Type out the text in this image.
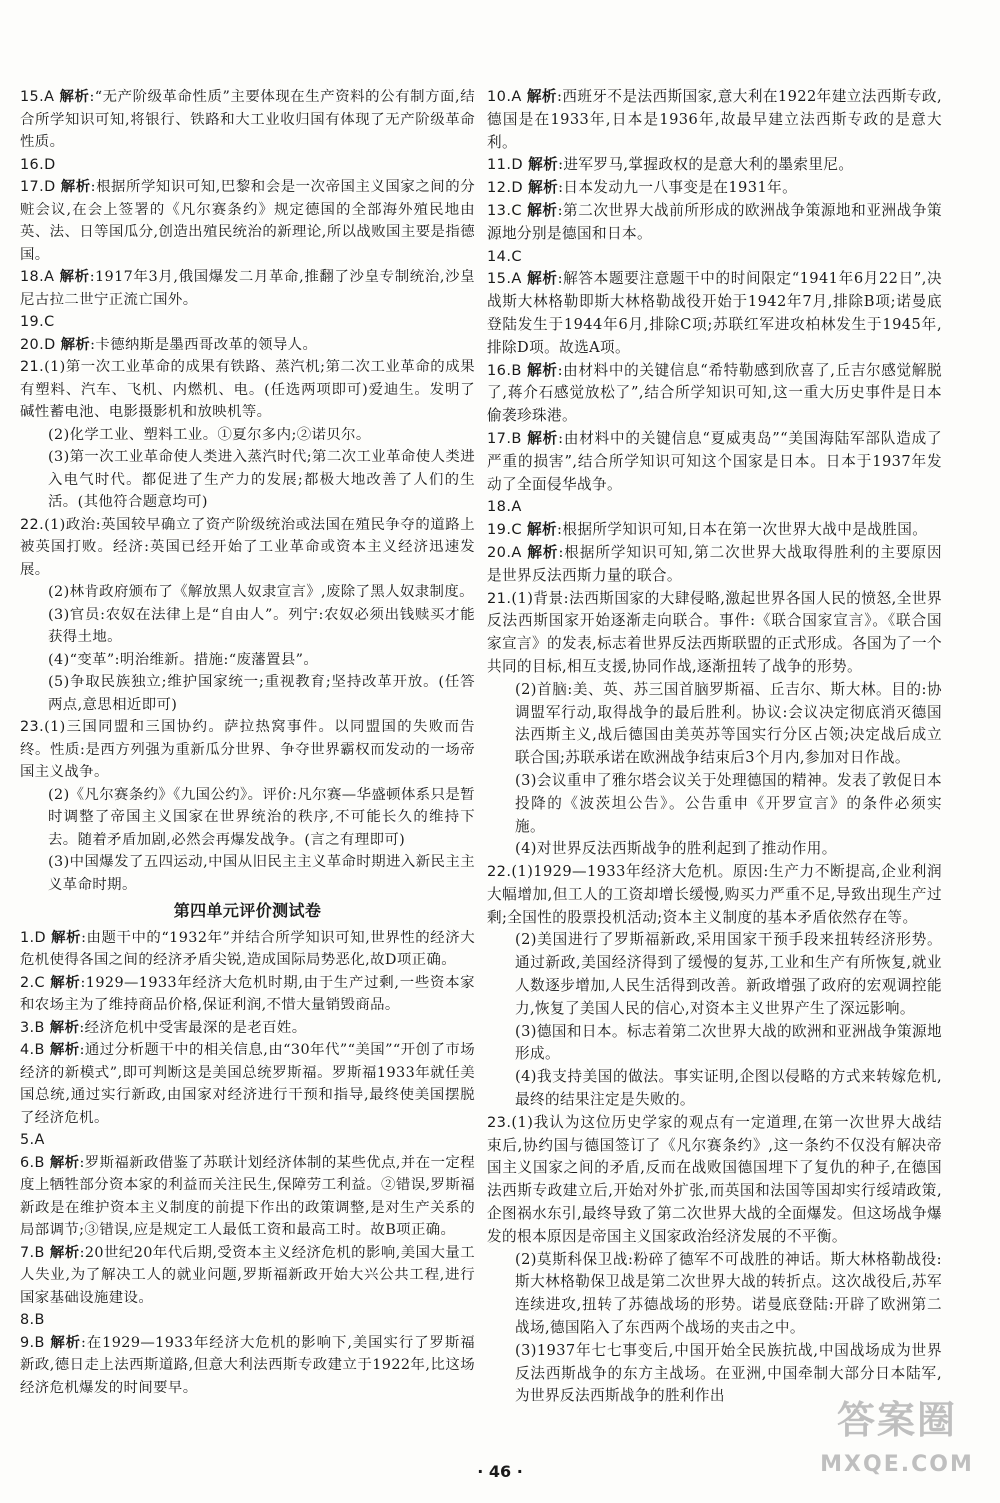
15.A 解析:“无产阶级革命性质”主要体现在生产资料的公有制方面,结合所学知识可知,将银行、铁路和大工业收归国有体现了无产阶级革命性质。

16.D

17.D 解析:根据所学知识可知,巴黎和会是一次帝国主义国家之间的分赃会议,在会上签署的《凡尔赛条约》规定德国的全部海外殖民地由英、法、日等国瓜分,创造出殖民统治的新理论,所以战败国主要是指德国。

18.A 解析:1917年3月,俄国爆发二月革命,推翻了沙皇专制统治,沙皇尼古拉二世宁正流亡国外。

19.C

20.D 解析:卡德纳斯是墨西哥改革的领导人。

21.(1)第一次工业革命的成果有铁路、蒸汽机;第二次工业革命的成果有塑料、汽车、飞机、内燃机、电。(任选两项即可)爱迪生。发明了碱性蓄电池、电影摄影机和放映机等。

(2)化学工业、塑料工业。①夏尔多内;②诺贝尔。

(3)第一次工业革命使人类进入蒸汽时代;第二次工业革命使人类进入电气时代。都促进了生产力的发展;都极大地改善了人们的生活。(其他符合题意均可)

22.(1)政治:英国较早确立了资产阶级统治或法国在殖民争夺的道路上被英国打败。经济:英国已经开始了工业革命或资本主义经济迅速发展。

(2)林肯政府颁布了《解放黑人奴隶宣言》,废除了黑人奴隶制度。

(3)官员:农奴在法律上是“自由人”。列宁:农奴必须出钱赎买才能获得土地。

(4)“变革”:明治维新。措施:“废藩置县”。

(5)争取民族独立;维护国家统一;重视教育;坚持改革开放。(任答两点,意思相近即可)

23.(1)三国同盟和三国协约。萨拉热窝事件。以同盟国的失败而告终。性质:是西方列强为重新瓜分世界、争夺世界霸权而发动的一场帝国主义战争。

(2)《凡尔赛条约》《九国公约》。评价:凡尔赛—华盛顿体系只是暂时调整了帝国主义国家在世界统治的秩序,不可能长久的维持下去。随着矛盾加剧,必然会再爆发战争。(言之有理即可)

(3)中国爆发了五四运动,中国从旧民主主义革命时期进入新民主主义革命时期。

第四单元评价测试卷

1.D 解析:由题干中的“1932年”并结合所学知识可知,世界性的经济大危机使得各国之间的经济矛盾尖锐,造成国际局势恶化,故D项正确。

2.C 解析:1929—1933年经济大危机时期,由于生产过剩,一些资本家和农场主为了维持商品价格,保证利润,不惜大量销毁商品。

3.B 解析:经济危机中受害最深的是老百姓。

4.B 解析:通过分析题干中的相关信息,由“30年代”“美国”“开创了市场经济的新模式”,即可判断这是美国总统罗斯福。罗斯福1933年就任美国总统,通过实行新政,由国家对经济进行干预和指导,最终使美国摆脱了经济危机。

5.A

6.B 解析:罗斯福新政借鉴了苏联计划经济体制的某些优点,并在一定程度上牺牲部分资本家的利益而关注民生,保障劳工利益。②错误,罗斯福新政是在维护资本主义制度的前提下作出的政策调整,是对生产关系的局部调节;③错误,应是规定工人最低工资和最高工时。故B项正确。

7.B 解析:20世纪20年代后期,受资本主义经济危机的影响,美国大量工人失业,为了解决工人的就业问题,罗斯福新政开始大兴公共工程,进行国家基础设施建设。

8.B

9.B 解析:在1929—1933年经济大危机的影响下,美国实行了罗斯福新政,德日走上法西斯道路,但意大利法西斯专政建立于1922年,比这场经济危机爆发的时间要早。

10.A 解析:西班牙不是法西斯国家,意大利在1922年建立法西斯专政,德国是在1933年,日本是1936年,故最早建立法西斯专政的是意大利。

11.D 解析:进军罗马,掌握政权的是意大利的墨索里尼。

12.D 解析:日本发动九一八事变是在1931年。

13.C 解析:第二次世界大战前所形成的欧洲战争策源地和亚洲战争策源地分别是德国和日本。

14.C

15.A 解析:解答本题要注意题干中的时间限定“1941年6月22日”,决战斯大林格勒即斯大林格勒战役开始于1942年7月,排除B项;诺曼底登陆发生于1944年6月,排除C项;苏联红军进攻柏林发生于1945年,排除D项。故选A项。

16.B 解析:由材料中的关键信息“希特勒感到欣喜了,丘吉尔感觉解脱了,蒋介石感觉放松了”,结合所学知识可知,这一重大历史事件是日本偷袭珍珠港。

17.B 解析:由材料中的关键信息“夏威夷岛”“美国海陆军部队造成了严重的损害”,结合所学知识可知这个国家是日本。日本于1937年发动了全面侵华战争。

18.A

19.C 解析:根据所学知识可知,日本在第一次世界大战中是战胜国。

20.A 解析:根据所学知识可知,第二次世界大战取得胜利的主要原因是世界反法西斯力量的联合。

21.(1)背景:法西斯国家的大肆侵略,激起世界各国人民的愤怒,全世界反法西斯国家开始逐渐走向联合。事件:《联合国家宣言》。《联合国家宣言》的发表,标志着世界反法西斯联盟的正式形成。各国为了一个共同的目标,相互支援,协同作战,逐渐扭转了战争的形势。

(2)首脑:美、英、苏三国首脑罗斯福、丘吉尔、斯大林。目的:协调盟军行动,取得战争的最后胜利。协议:会议决定彻底消灭德国法西斯主义,战后德国由美英苏等国实行分区占领;决定战后成立联合国;苏联承诺在欧洲战争结束后3个月内,参加对日作战。

(3)会议重申了雅尔塔会议关于处理德国的精神。发表了敦促日本投降的《波茨坦公告》。公告重申《开罗宣言》的条件必须实施。

(4)对世界反法西斯战争的胜利起到了推动作用。

22.(1)1929—1933年经济大危机。原因:生产力不断提高,企业利润大幅增加,但工人的工资却增长缓慢,购买力严重不足,导致出现生产过剩;全国性的股票投机活动;资本主义制度的基本矛盾依然存在等。

(2)美国进行了罗斯福新政,采用国家干预手段来扭转经济形势。通过新政,美国经济得到了缓慢的复苏,工业和生产有所恢复,就业人数逐步增加,人民生活得到改善。新政增强了政府的宏观调控能力,恢复了美国人民的信心,对资本主义世界产生了深远影响。

(3)德国和日本。标志着第二次世界大战的欧洲和亚洲战争策源地形成。

(4)我支持美国的做法。事实证明,企图以侵略的方式来转嫁危机,最终的结果注定是失败的。

23.(1)我认为这位历史学家的观点有一定道理,在第一次世界大战结束后,协约国与德国签订了《凡尔赛条约》,这一条约不仅没有解决帝国主义国家之间的矛盾,反而在战败国德国埋下了复仇的种子,在德国法西斯专政建立后,开始对外扩张,而英国和法国等国却实行绥靖政策,企图祸水东引,最终导致了第二次世界大战的全面爆发。但这场战争爆发的根本原因是帝国主义国家政治经济发展的不平衡。

(2)莫斯科保卫战:粉碎了德军不可战胜的神话。斯大林格勒战役:斯大林格勒保卫战是第二次世界大战的转折点。这次战役后,苏军连续进攻,扭转了苏德战场的形势。诺曼底登陆:开辟了欧洲第二战场,德国陷入了东西两个战场的夹击之中。

(3)1937年七七事变后,中国开始全民族抗战,中国战场成为世界反法西斯战争的东方主战场。在亚洲,中国牵制大部分日本陆军,为世界反法西斯战争的胜利作出

· 46 ·
答案圈
MXQE.COM
